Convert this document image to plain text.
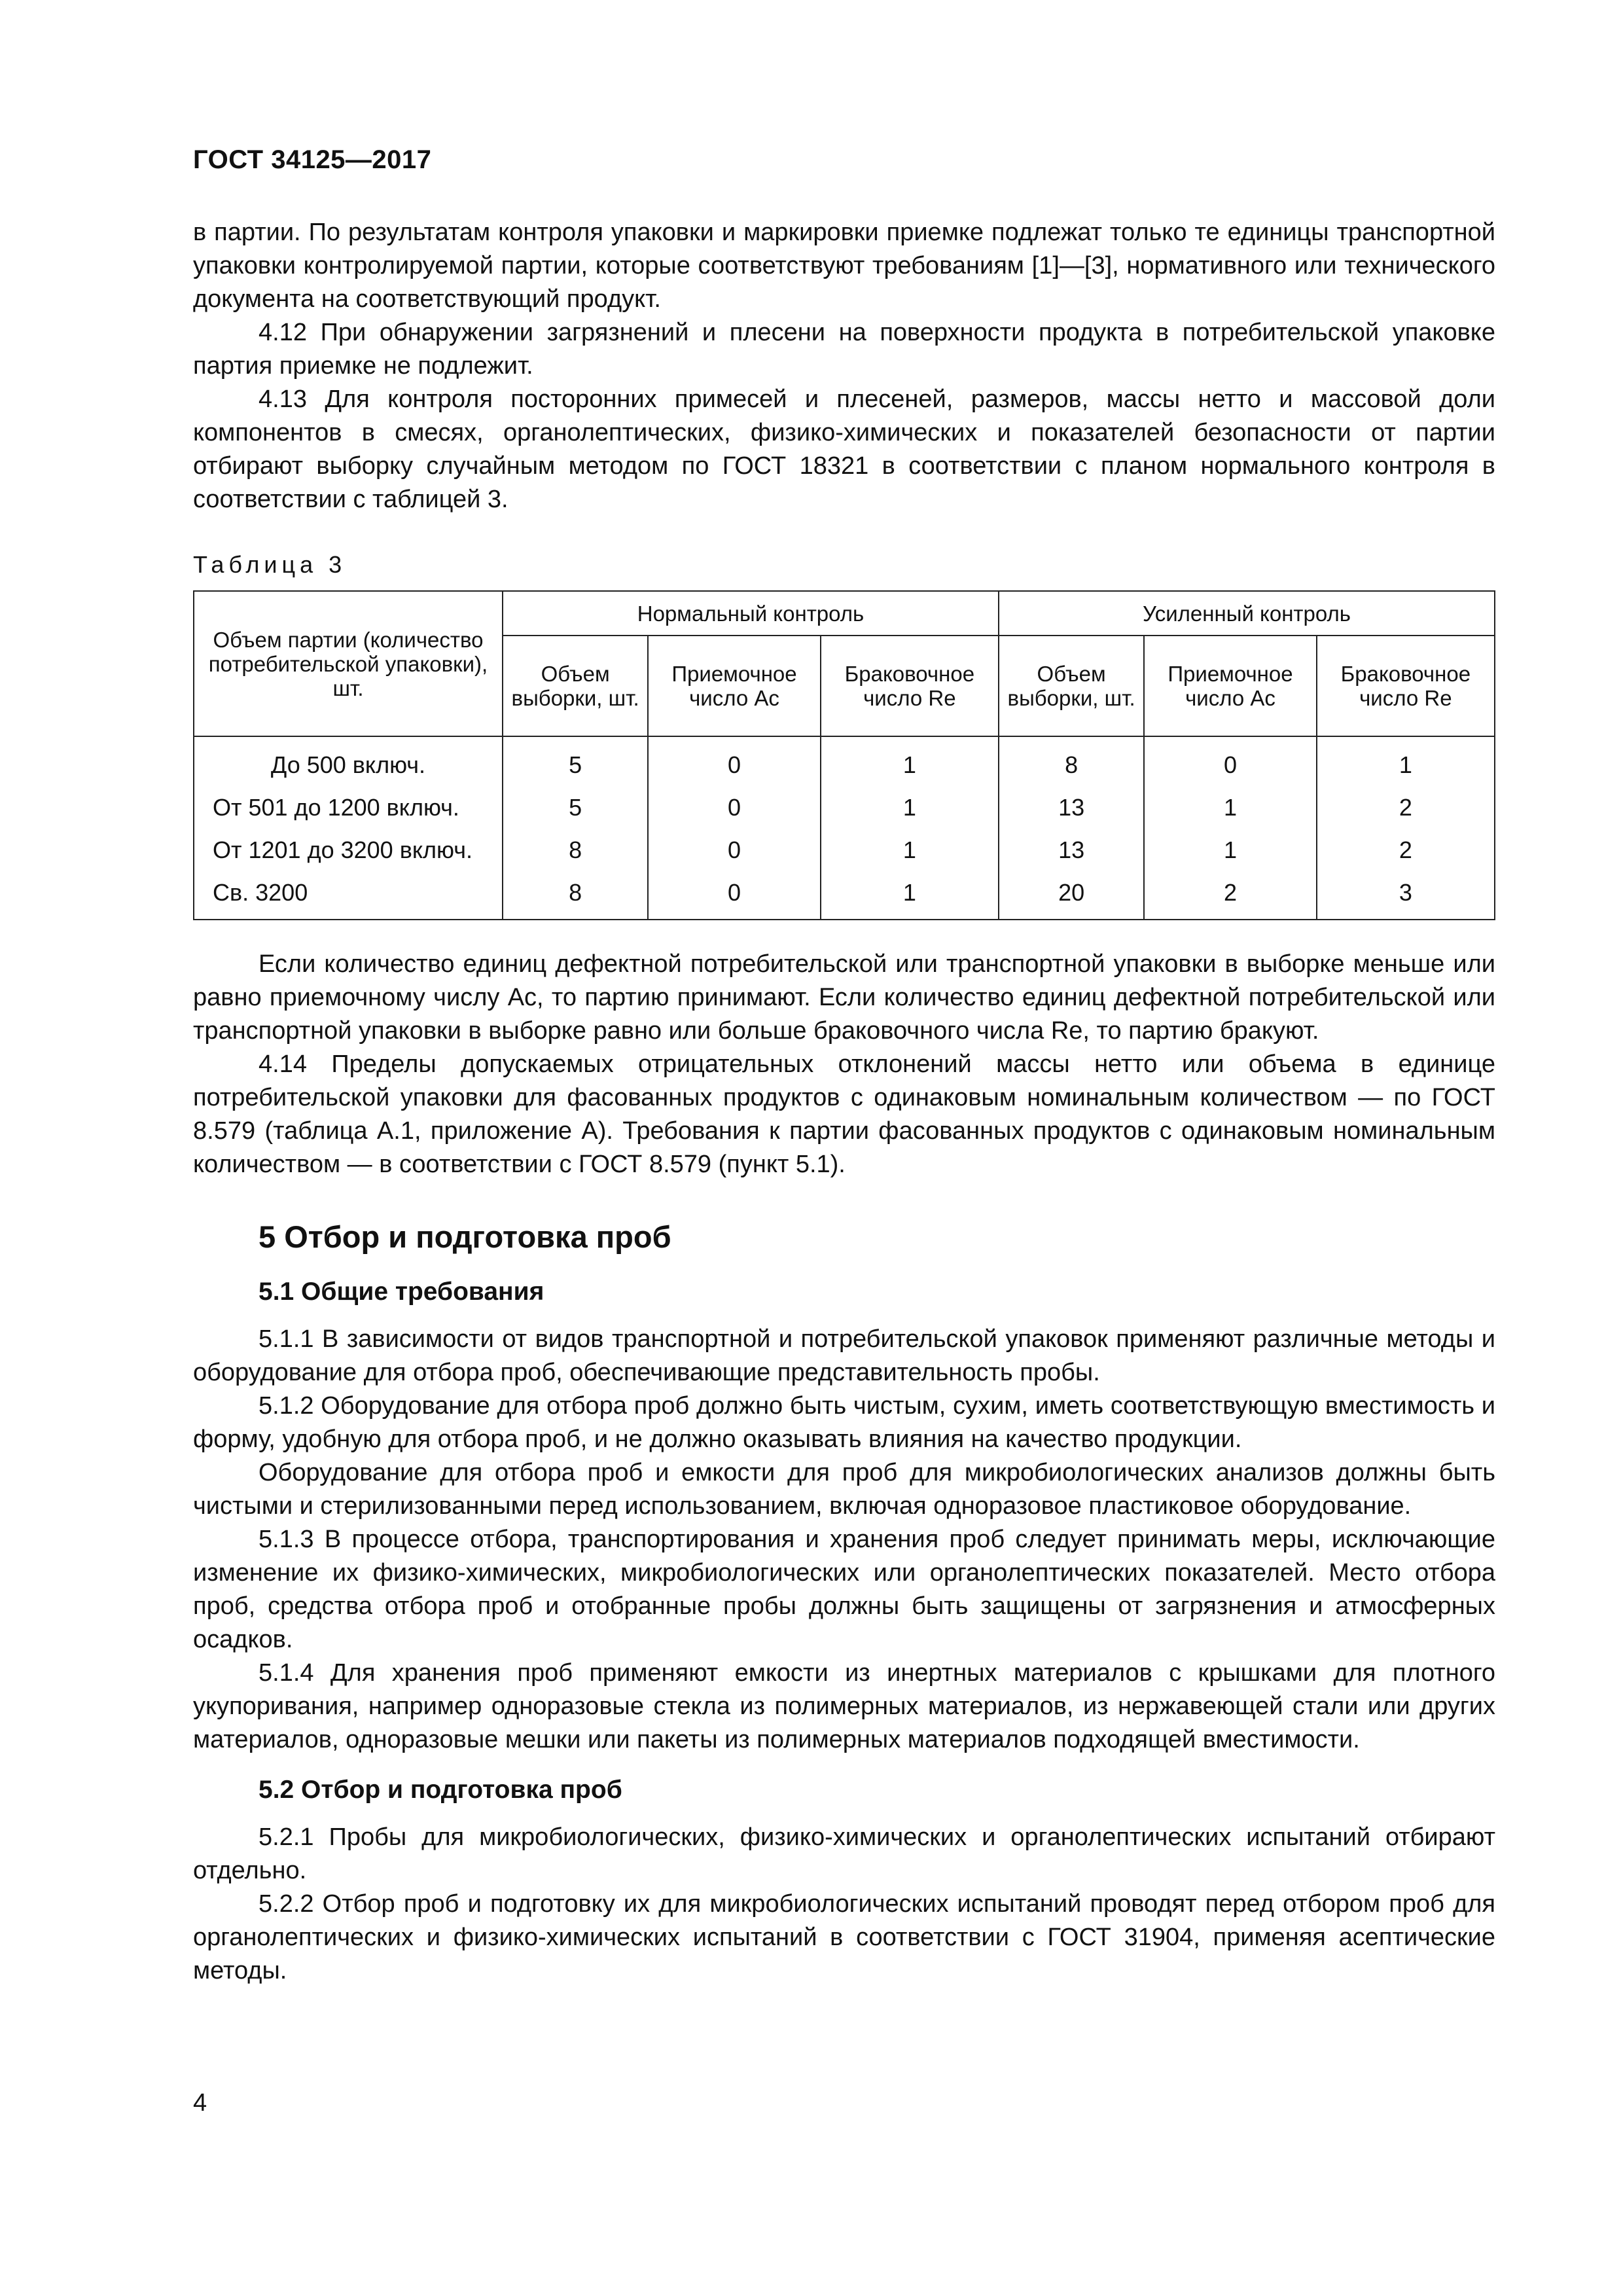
ГОСТ 34125—2017

в партии. По результатам контроля упаковки и маркировки приемке подлежат только те единицы транспортной упаковки контролируемой партии, которые соответствуют требованиям [1]—[3], нормативного или технического документа на соответствующий продукт.

4.12 При обнаружении загрязнений и плесени на поверхности продукта в потребительской упаковке партия приемке не подлежит.

4.13 Для контроля посторонних примесей и плесеней, размеров, массы нетто и массовой доли компонентов в смесях, органолептических, физико-химических и показателей безопасности от партии отбирают выборку случайным методом по ГОСТ 18321 в соответствии с планом нормального контроля в соответствии с таблицей 3.

Таблица 3
Объем партии (количество потребительской упаковки), шт.	Нормальный контроль			Усиленный контроль		
	Объем выборки, шт.	Приемочное число Ac	Браковочное число Re	Объем выборки, шт.	Приемочное число Ac	Браковочное число Re
До 500 включ.	5	0	1	8	0	1
От 501 до 1200 включ.	5	0	1	13	1	2
От 1201 до 3200 включ.	8	0	1	13	1	2
Св. 3200	8	0	1	20	2	3

Если количество единиц дефектной потребительской или транспортной упаковки в выборке меньше или равно приемочному числу Ac, то партию принимают. Если количество единиц дефектной потребительской или транспортной упаковки в выборке равно или больше браковочного числа Re, то партию бракуют.

4.14 Пределы допускаемых отрицательных отклонений массы нетто или объема в единице потребительской упаковки для фасованных продуктов с одинаковым номинальным количеством — по ГОСТ 8.579 (таблица А.1, приложение А). Требования к партии фасованных продуктов с одинаковым номинальным количеством — в соответствии с ГОСТ 8.579 (пункт 5.1).

5 Отбор и подготовка проб
5.1 Общие требования

5.1.1 В зависимости от видов транспортной и потребительской упаковок применяют различные методы и оборудование для отбора проб, обеспечивающие представительность пробы.

5.1.2 Оборудование для отбора проб должно быть чистым, сухим, иметь соответствующую вместимость и форму, удобную для отбора проб, и не должно оказывать влияния на качество продукции.

Оборудование для отбора проб и емкости для проб для микробиологических анализов должны быть чистыми и стерилизованными перед использованием, включая одноразовое пластиковое оборудование.

5.1.3 В процессе отбора, транспортирования и хранения проб следует принимать меры, исключающие изменение их физико-химических, микробиологических или органолептических показателей. Место отбора проб, средства отбора проб и отобранные пробы должны быть защищены от загрязнения и атмосферных осадков.

5.1.4 Для хранения проб применяют емкости из инертных материалов с крышками для плотного укупоривания, например одноразовые стекла из полимерных материалов, из нержавеющей стали или других материалов, одноразовые мешки или пакеты из полимерных материалов подходящей вместимости.

5.2 Отбор и подготовка проб

5.2.1 Пробы для микробиологических, физико-химических и органолептических испытаний отбирают отдельно.

5.2.2 Отбор проб и подготовку их для микробиологических испытаний проводят перед отбором проб для органолептических и физико-химических испытаний в соответствии с ГОСТ 31904, применяя асептические методы.

4
